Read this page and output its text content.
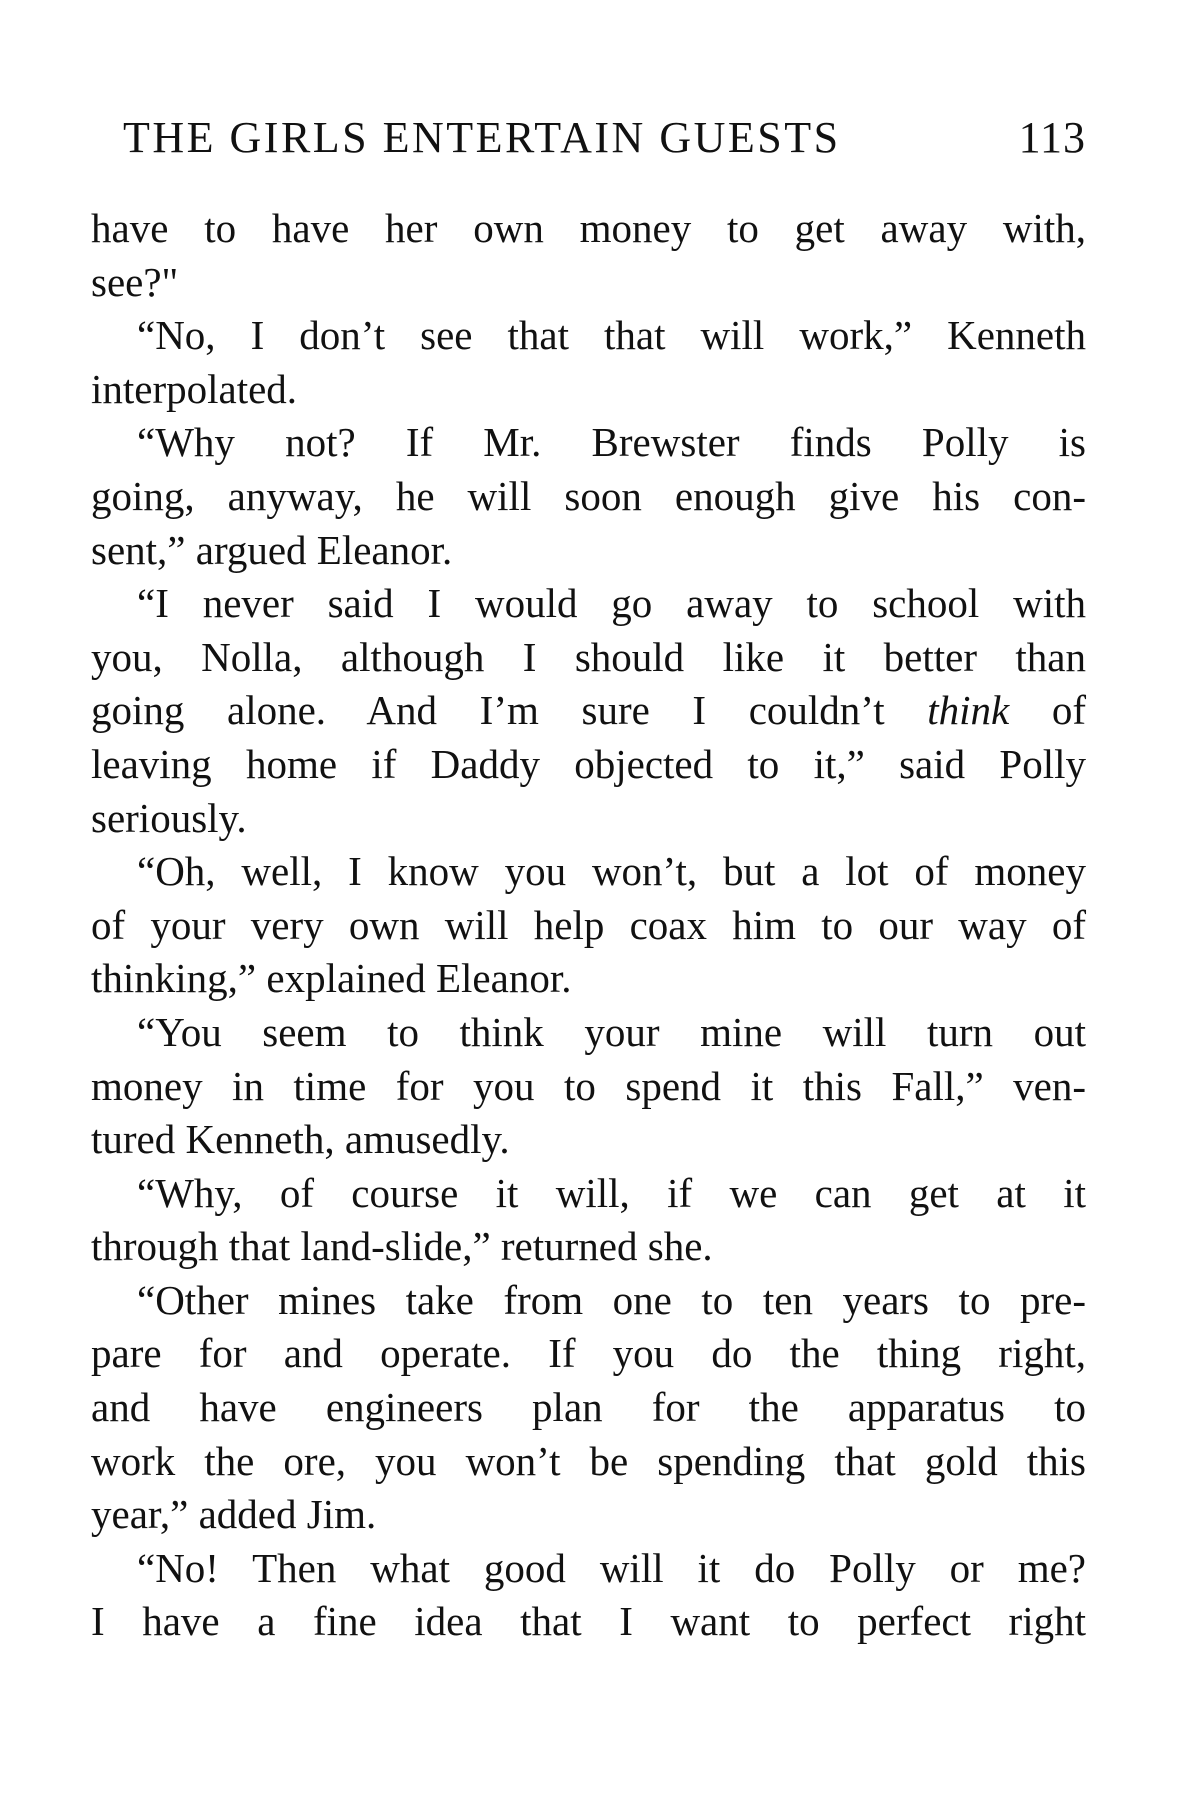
THE GIRLS ENTERTAIN GUESTS	113
have to have her own money to get away with,
see?"
“No, I don’t see that that will work,” Kenneth
interpolated.
“Why not? If Mr. Brewster finds Polly is
going, anyway, he will soon enough give his con-
sent,” argued Eleanor.
“I never said I would go away to school with
you, Nolla, although I should like it better than
going alone. And I’m sure I couldn’t think of
leaving home if Daddy objected to it,” said Polly
seriously.
“Oh, well, I know you won’t, but a lot of money
of your very own will help coax him to our way of
thinking,” explained Eleanor.
“You seem to think your mine will turn out
money in time for you to spend it this Fall,” ven-
tured Kenneth, amusedly.
“Why, of course it will, if we can get at it
through that land-slide,” returned she.
“Other mines take from one to ten years to pre-
pare for and operate. If you do the thing right,
and have engineers plan for the apparatus to
work the ore, you won’t be spending that gold this
year,” added Jim.
“No! Then what good will it do Polly or me?
I have a fine idea that I want to perfect right
